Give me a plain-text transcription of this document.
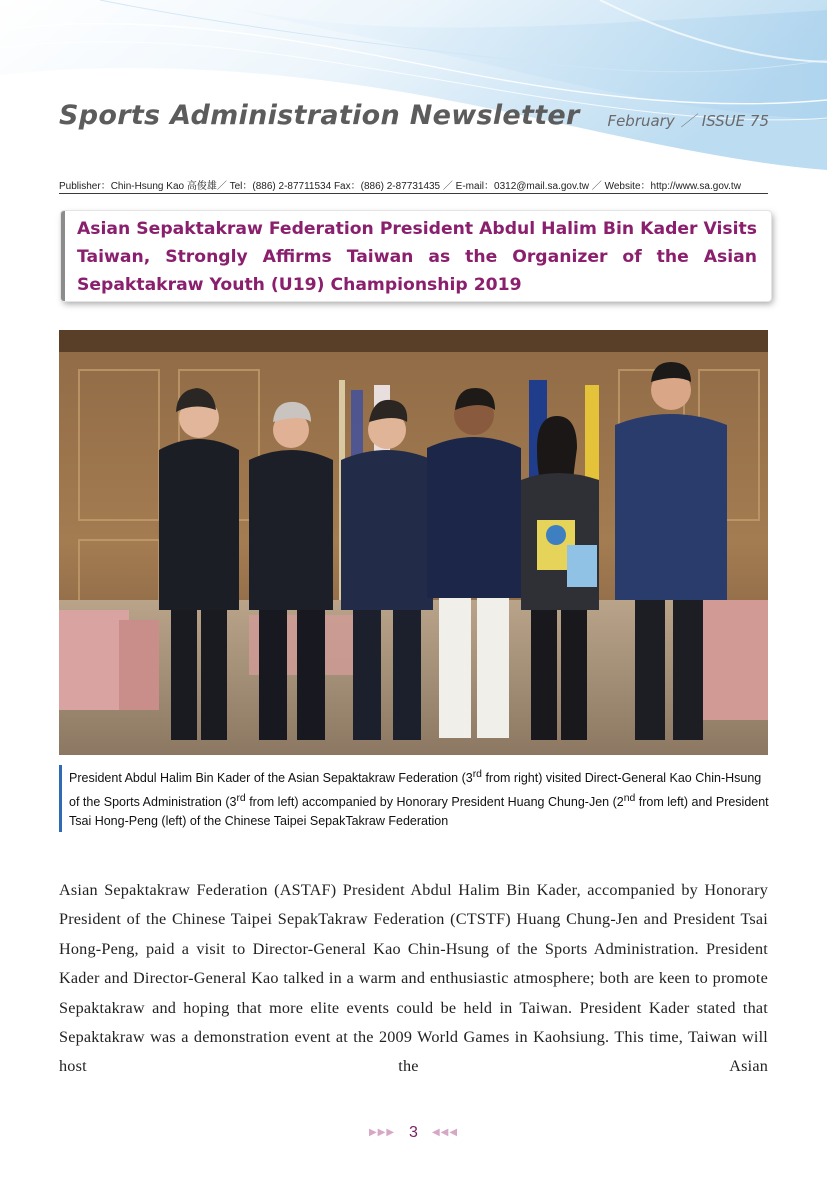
Sports Administration Newsletter February ／ ISSUE 75
Publisher：Chin-Hsung Kao 高俊雄／ Tel：(886) 2-87711534 Fax：(886) 2-87731435 ／ E-mail：0312@mail.sa.gov.tw ／ Website：http://www.sa.gov.tw
Asian Sepaktakraw Federation President Abdul Halim Bin Kader Visits Taiwan, Strongly Affirms Taiwan as the Organizer of the Asian Sepaktakraw Youth (U19) Championship 2019
President Abdul Halim Bin Kader of the Asian Sepaktakraw Federation (3rd from right) visited Direct-General Kao Chin-Hsung of the Sports Administration (3rd from left) accompanied by Honorary President Huang Chung-Jen (2nd from left) and President Tsai Hong-Peng (left) of the Chinese Taipei SepakTakraw Federation
Asian Sepaktakraw Federation (ASTAF) President Abdul Halim Bin Kader, accompanied by Honorary President of the Chinese Taipei SepakTakraw Federation (CTSTF) Huang Chung-Jen and President Tsai Hong-Peng, paid a visit to Director-General Kao Chin-Hsung of the Sports Administration. President Kader and Director-General Kao talked in a warm and enthusiastic atmosphere; both are keen to promote Sepaktakraw and hoping that more elite events could be held in Taiwan. President Kader stated that Sepaktakraw was a demonstration event at the 2009 World Games in Kaohsiung. This time, Taiwan will host the Asian
▶▶▶ 3 ◀◀◀
